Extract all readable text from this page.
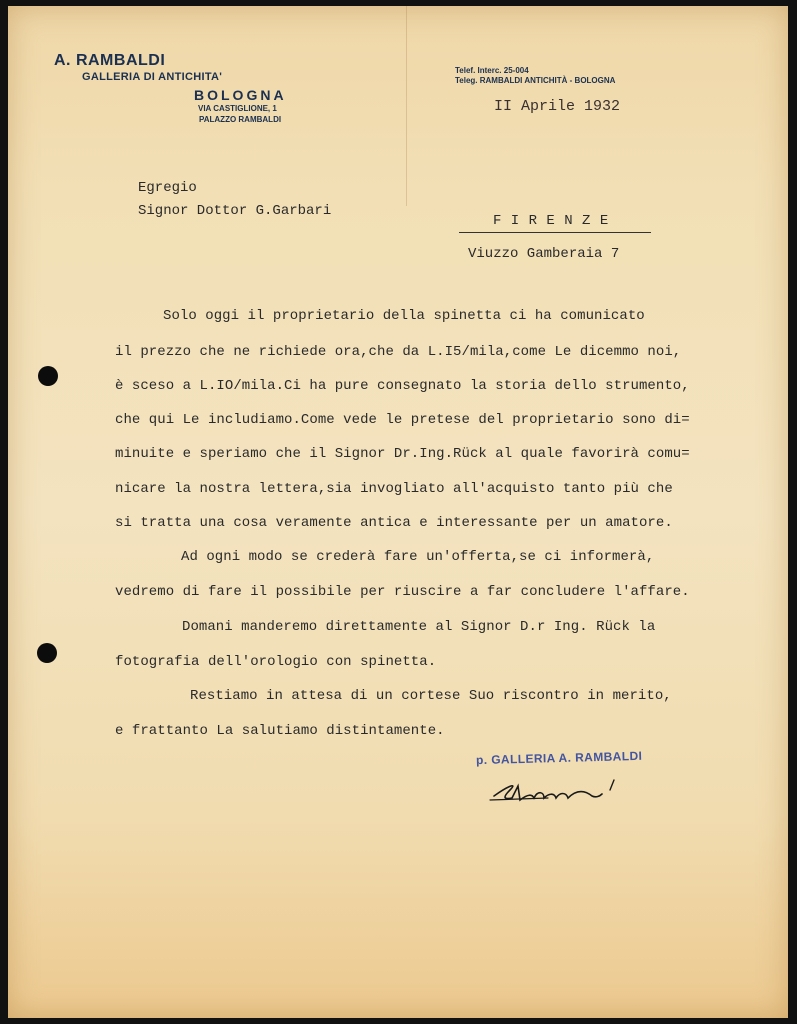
A. RAMBALDI
GALLERIA DI ANTICHITA'
BOLOGNA
VIA CASTIGLIONE, 1
PALAZZO RAMBALDI
Telef. Interc. 25-004
Teleg. RAMBALDI ANTICHITÀ - BOLOGNA
II Aprile 1932
Egregio
Signor Dottor G.Garbari
F I R E N Z E
Viuzzo Gamberaia 7
Solo oggi il proprietario della spinetta ci ha comunicato
il prezzo che ne richiede ora,che da L.I5/mila,come Le dicemmo noi,
è sceso a L.IO/mila.Ci ha pure consegnato la storia dello strumento,
che qui Le includiamo.Come vede le pretese del proprietario sono di=
minuite e speriamo che il Signor Dr.Ing.Rück al quale favorirà comu=
nicare la nostra lettera,sia invogliato all'acquisto tanto più che
si tratta una cosa veramente antica e interessante per un amatore.
Ad ogni modo se crederà fare un'offerta,se ci informerà,
vedremo di fare il possibile per riuscire a far concludere l'affare.
Domani manderemo direttamente al Signor D.r Ing. Rück la
fotografia dell'orologio con spinetta.
Restiamo in attesa di un cortese Suo riscontro in merito,
e frattanto La salutiamo distintamente.
p. GALLERIA A. RAMBALDI
